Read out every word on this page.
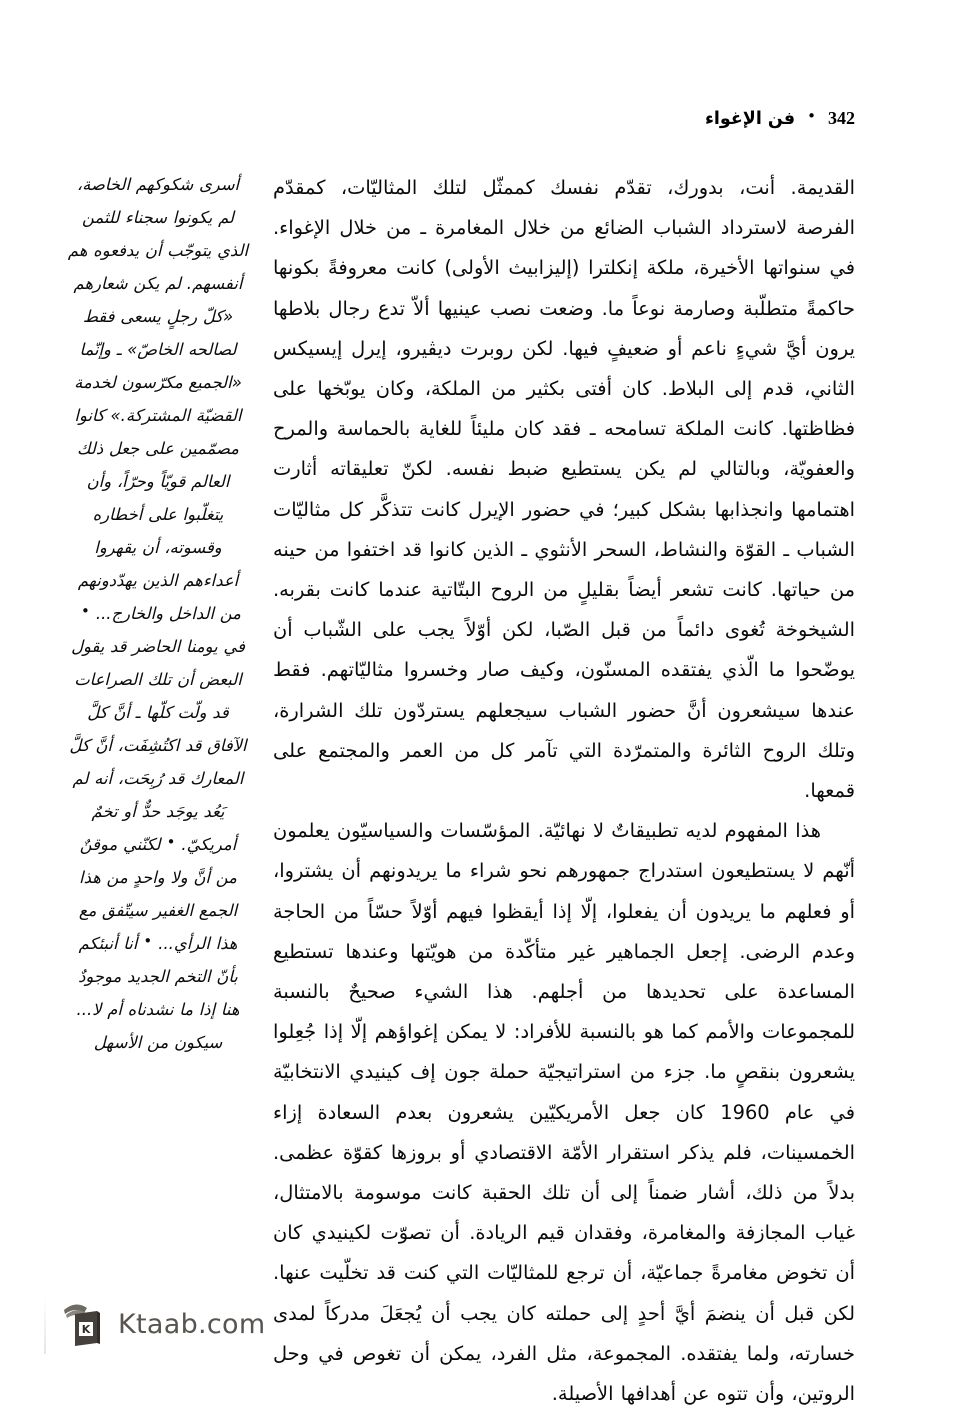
342
•
فن الإغواء

القديمة. أنت، بدورك، تقدّم نفسك كممثّل لتلك المثاليّات، كمقدّم الفرصة لاسترداد الشباب الضائع من خلال المغامرة ـ من خلال الإغواء. في سنواتها الأخيرة، ملكة إنكلترا (إليزابيث الأولى) كانت معروفةً بكونها حاكمةً متطلّبة وصارمة نوعاً ما. وضعت نصب عينيها ألاّ تدع رجال بلاطها يرون أيَّ شيءٍ ناعم أو ضعيفٍ فيها. لكن روبرت ديڤيرو، إيرل إيسيكس الثاني، قدم إلى البلاط. كان أفتى بكثير من الملكة، وكان يوبّخها على فظاظتها. كانت الملكة تسامحه ـ فقد كان مليئاً للغاية بالحماسة والمرح والعفويّة، وبالتالي لم يكن يستطيع ضبط نفسه. لكنّ تعليقاته أثارت اهتمامها وانجذابها بشكل كبير؛ في حضور الإيرل كانت تتذكَّر كل مثاليّات الشباب ـ القوّة والنشاط، السحر الأنثوي ـ الذين كانوا قد اختفوا من حينه من حياتها. كانت تشعر أيضاً بقليلٍ من الروح البتّاتية عندما كانت بقربه. الشيخوخة تُغوى دائماً من قبل الصّبا، لكن أوّلاً يجب على الشّباب أن يوضّحوا ما الّذي يفتقده المسنّون، وكيف صار وخسروا مثاليّاتهم. فقط عندها سيشعرون أنَّ حضور الشباب سيجعلهم يستردّون تلك الشرارة، وتلك الروح الثائرة والمتمرّدة التي تآمر كل من العمر والمجتمع على قمعها.

هذا المفهوم لديه تطبيقاتٌ لا نهائيّة. المؤسّسات والسياسيّون يعلمون أنّهم لا يستطيعون استدراج جمهورهم نحو شراء ما يريدونهم أن يشتروا، أو فعلهم ما يريدون أن يفعلوا، إلّا إذا أيقظوا فيهم أوّلاً حسّاً من الحاجة وعدم الرضى. إجعل الجماهير غير متأكّدة من هويّتها وعندها تستطيع المساعدة على تحديدها من أجلهم. هذا الشيء صحيحٌ بالنسبة للمجموعات والأمم كما هو بالنسبة للأفراد: لا يمكن إغواؤهم إلّا إذا جُعِلوا يشعرون بنقصٍ ما. جزء من استراتيجيّة حملة جون إف كينيدي الانتخابيّة في عام 1960 كان جعل الأمريكيّين يشعرون بعدم السعادة إزاء الخمسينات، فلم يذكر استقرار الأمّة الاقتصادي أو بروزها كقوّة عظمى. بدلاً من ذلك، أشار ضمناً إلى أن تلك الحقبة كانت موسومة بالامتثال، غياب المجازفة والمغامرة، وفقدان قيم الريادة. أن تصوّت لكينيدي كان أن تخوض مغامرةً جماعيّة، أن ترجع للمثاليّات التي كنت قد تخلّيت عنها. لكن قبل أن ينضمَ أيَّ أحدٍ إلى حملته كان يجب أن يُجعَلَ مدركاً لمدى خسارته، ولما يفتقده. المجموعة، مثل الفرد، يمكن أن تغوص في وحل الروتين، وأن تتوه عن أهدافها الأصيلة.

أسرى شكوكهم الخاصة، لم يكونوا سجناء للثمن الذي يتوجّب أن يدفعوه هم أنفسهم. لم يكن شعارهم «كلّ رجلٍ يسعى فقط لصالحه الخاصّ» ـ وإنّما «الجميع مكرّسون لخدمة القضيّة المشتركة.» كانوا مصمّمين على جعل ذلك العالم قويّاً وحرّاً، وأن يتغلّبوا على أخطاره وقسوته، أن يقهروا أعداءهم الذين يهدّدونهم من الداخل والخارج...•في يومنا الحاضر قد يقول البعض أن تلك الصراعات قد ولّت كلّها ـ أنَّ كلَّ الآفاق قد اكتُشِفَت، أنَّ كلَّ المعارك قد رُبِحَت، أنه لم يَعُد يوجَد حدٌّ أو تخمٌ أمريكيّ.•لكنّني موقنٌ من أنَّ ولا واحدٍ من هذا الجمع الغفير سيتّفق مع هذا الرأي...•أنا أنبئكم بأنّ التخم الجديد موجودٌ هنا إذا ما نشدناه أم لا... سيكون من الأسهل

K Ktaab.com
